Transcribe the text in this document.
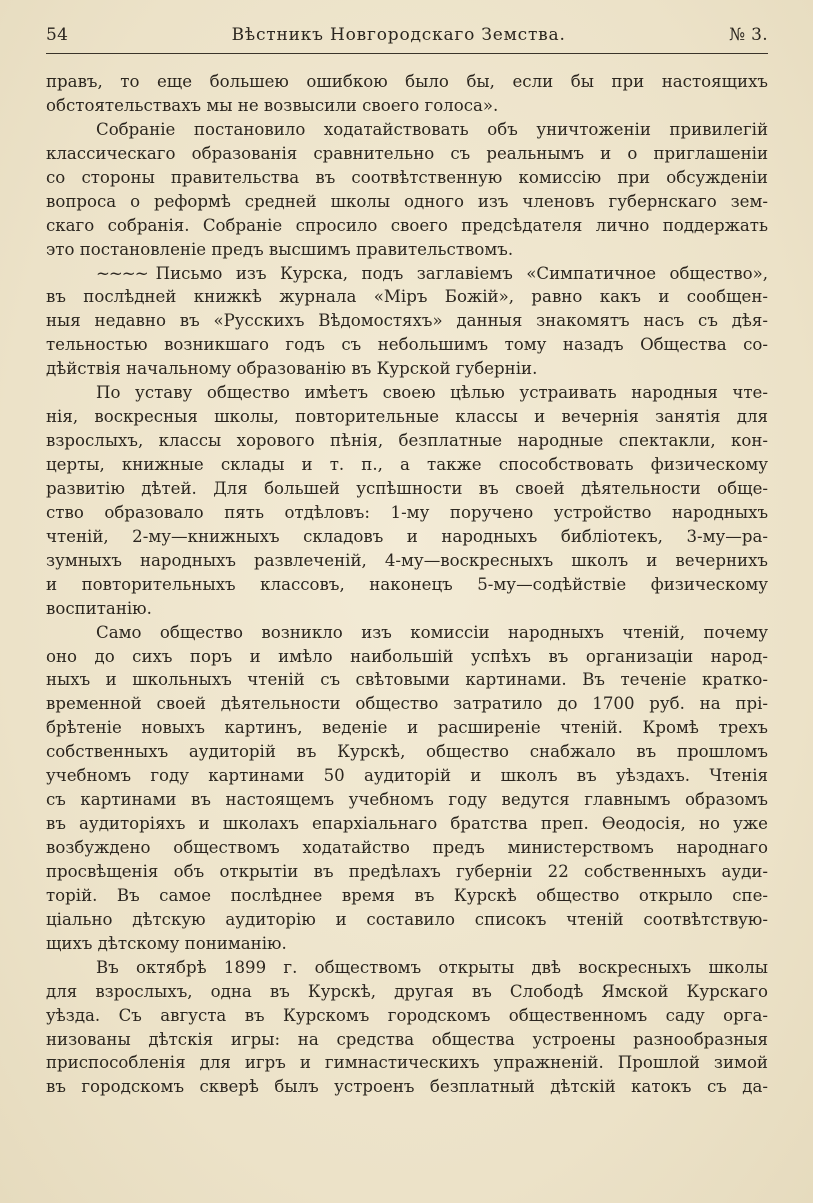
54	Вѣстникъ Новгородскаго Земства.	№ 3.
правъ, то еще большею ошибкою было бы, если бы при настоящихъ
обстоятельствахъ мы не возвысили своего голоса».
Собраніе постановило ходатайствовать объ уничтоженіи привилегій
классическаго образованія сравнительно съ реальнымъ и о приглашеніи
со стороны правительства въ соотвѣтственную комиссію при обсужденіи
вопроса о реформѣ средней школы одного изъ членовъ губернскаго зем-
скаго собранія. Собраніе спросило своего предсѣдателя лично поддержать
это постановленіе предъ высшимъ правительствомъ.
~~~~ Письмо изъ Курска, подъ заглавіемъ «Симпатичное общество»,
въ послѣдней книжкѣ журнала «Міръ Божій», равно какъ и сообщен-
ныя недавно въ «Русскихъ Вѣдомостяхъ» данныя знакомятъ насъ съ дѣя-
тельностью возникшаго годъ съ небольшимъ тому назадъ Общества со-
дѣйствія начальному образованію въ Курской губерніи.
По уставу общество имѣетъ своею цѣлью устраивать народныя чте-
нія, воскресныя школы, повторительные классы и вечернія занятія для
взрослыхъ, классы хорового пѣнія, безплатные народные спектакли, кон-
церты, книжные склады и т. п., а также способствовать физическому
развитію дѣтей. Для большей успѣшности въ своей дѣятельности обще-
ство образовало пять отдѣловъ: 1-му поручено устройство народныхъ
чтеній, 2-му—книжныхъ складовъ и народныхъ библіотекъ, 3-му—ра-
зумныхъ народныхъ развлеченій, 4-му—воскресныхъ школъ и вечернихъ
и повторительныхъ классовъ, наконецъ 5-му—содѣйствіе физическому
воспитанію.
Само общество возникло изъ комиссіи народныхъ чтеній, почему
оно до сихъ поръ и имѣло наибольшій успѣхъ въ организаціи народ-
ныхъ и школьныхъ чтеній съ свѣтовыми картинами. Въ теченіе кратко-
временной своей дѣятельности общество затратило до 1700 руб. на прі-
брѣтеніе новыхъ картинъ, веденіе и расширеніе чтеній. Кромѣ трехъ
собственныхъ аудиторій въ Курскѣ, общество снабжало въ прошломъ
учебномъ году картинами 50 аудиторій и школъ въ уѣздахъ. Чтенія
съ картинами въ настоящемъ учебномъ году ведутся главнымъ образомъ
въ аудиторіяхъ и школахъ епархіальнаго братства преп. Ѳеодосія, но уже
возбуждено обществомъ ходатайство предъ министерствомъ народнаго
просвѣщенія объ открытіи въ предѣлахъ губерніи 22 собственныхъ ауди-
торій. Въ самое послѣднее время въ Курскѣ общество открыло спе-
ціально дѣтскую аудиторію и составило списокъ чтеній соотвѣтствую-
щихъ дѣтскому пониманію.
Въ октябрѣ 1899 г. обществомъ открыты двѣ воскресныхъ школы
для взрослыхъ, одна въ Курскѣ, другая въ Слободѣ Ямской Курскаго
уѣзда. Съ августа въ Курскомъ городскомъ общественномъ саду орга-
низованы дѣтскія игры: на средства общества устроены разнообразныя
приспособленія для игръ и гимнастическихъ упражненій. Прошлой зимой
въ городскомъ скверѣ былъ устроенъ безплатный дѣтскій катокъ съ да-
